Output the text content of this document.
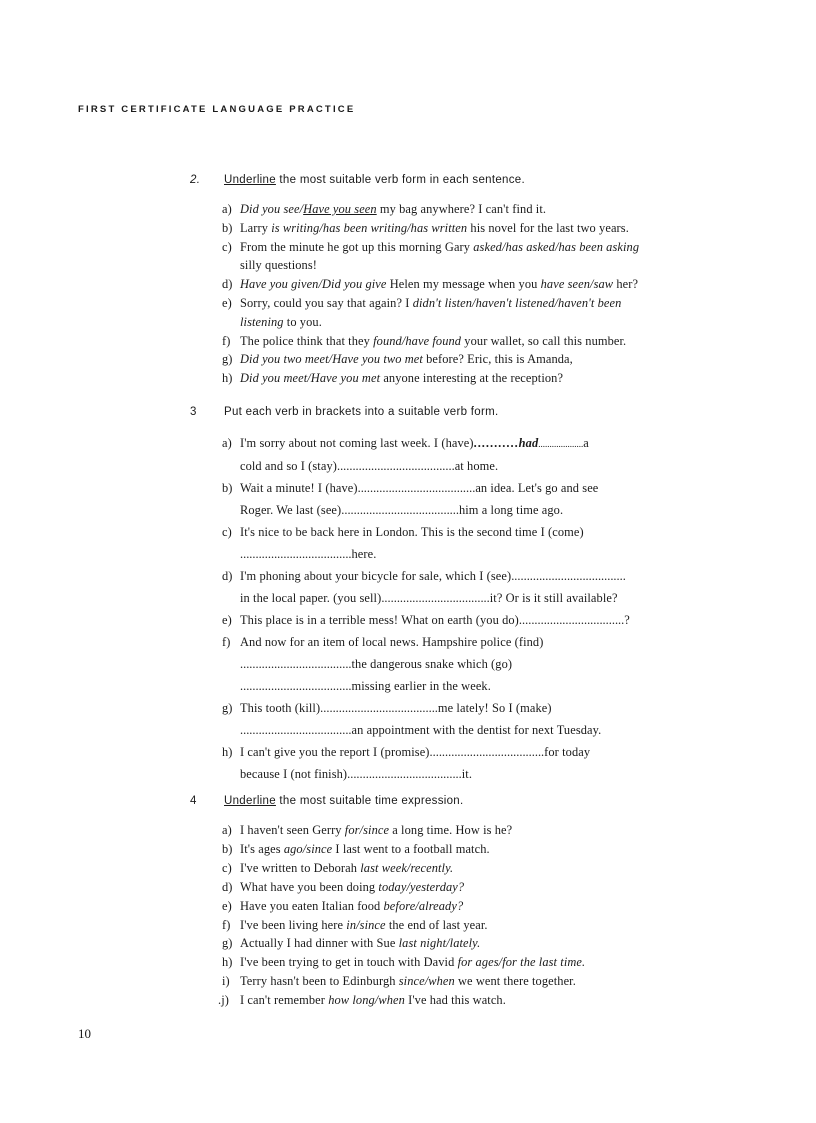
FIRST CERTIFICATE LANGUAGE PRACTICE
2.	Underline the most suitable verb form in each sentence.
a) Did you see/Have you seen my bag anywhere? I can't find it.
b) Larry is writing/has been writing/has written his novel for the last two years.
c) From the minute he got up this morning Gary asked/has asked/has been asking
silly questions!
d) Have you given/Did you give Helen my message when you have seen/saw her?
e) Sorry, could you say that again? I didn't listen/haven't listened/haven't been
listening to you.
f) The police think that they found/have found your wallet, so call this number.
g) Did you two meet/Have you two met before? Eric, this is Amanda,
h) Did you meet/Have you met anyone interesting at the reception?
3	Put each verb in brackets into a suitable verb form.
a) I'm sorry about not coming last week. I (have)...........had....................a
cold and so I (stay)......................................at home.
b) Wait a minute! I (have)......................................an idea. Let's go and see
Roger. We last (see)......................................him a long time ago.
c) It's nice to be back here in London. This is the second time I (come)
....................................here.
d) I'm phoning about your bicycle for sale, which I (see).....................................
in the local paper. (you sell)...................................it? Or is it still available?
e) This place is in a terrible mess! What on earth (you do)..................................?
f) And now for an item of local news. Hampshire police (find)
....................................the dangerous snake which (go)
....................................missing earlier in the week.
g) This tooth (kill)......................................me lately! So I (make)
....................................an appointment with the dentist for next Tuesday.
h) I can't give you the report I (promise).....................................for today
because I (not finish).....................................it.
4	Underline the most suitable time expression.
a) I haven't seen Gerry for/since a long time. How is he?
b) It's ages ago/since I last went to a football match.
c) I've written to Deborah last week/recently.
d) What have you been doing today/yesterday?
e) Have you eaten Italian food before/already?
f) I've been living here in/since the end of last year.
g) Actually I had dinner with Sue last night/lately.
h) I've been trying to get in touch with David for ages/for the last time.
i) Terry hasn't been to Edinburgh since/when we went there together.
.j) I can't remember how long/when I've had this watch.
10
